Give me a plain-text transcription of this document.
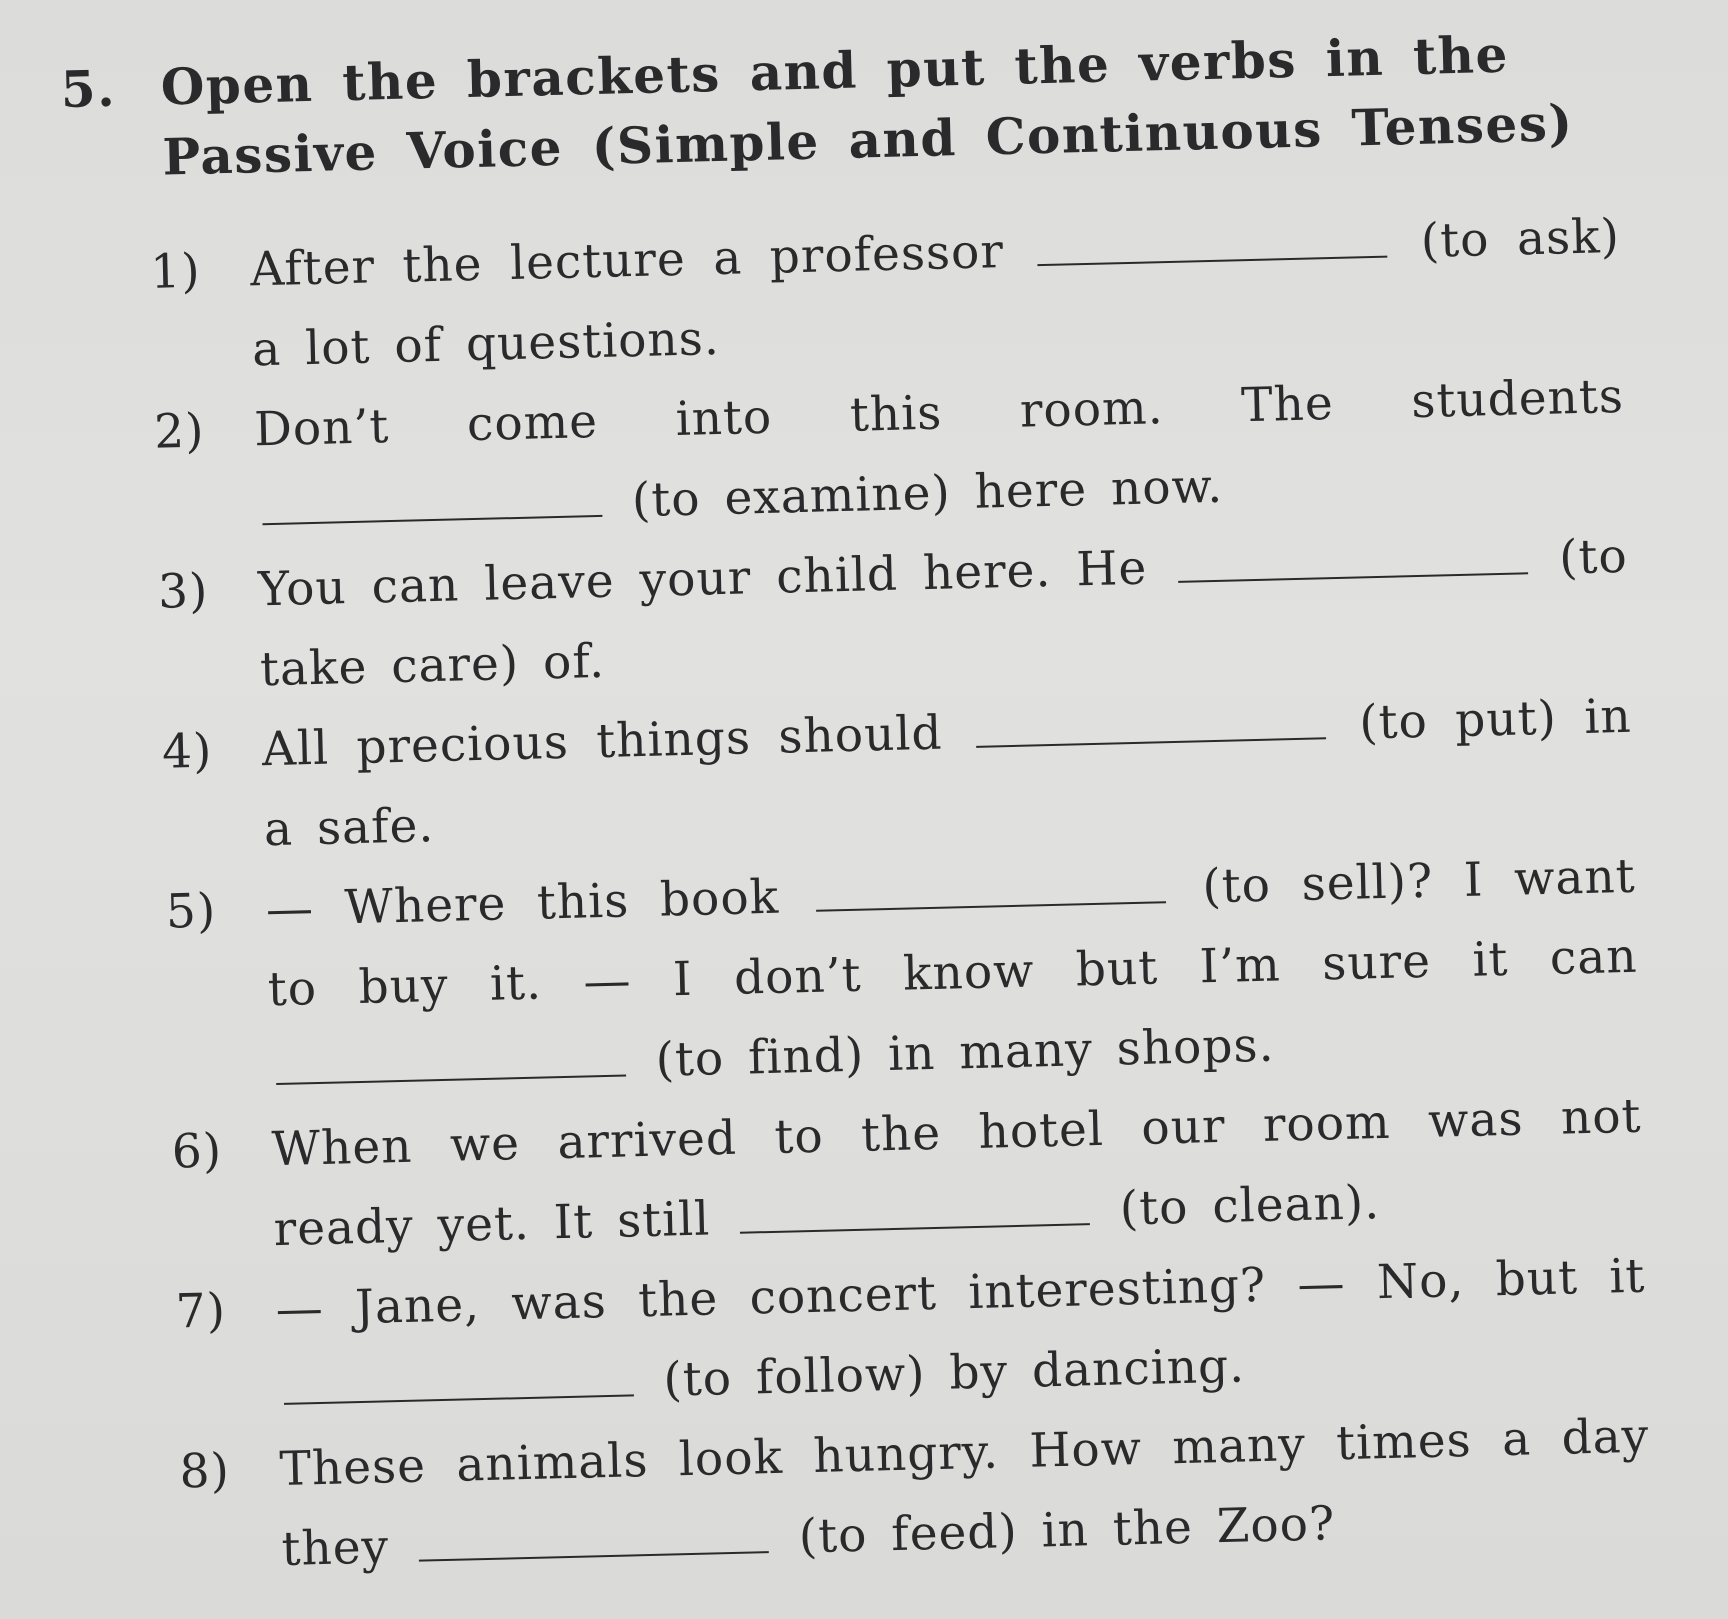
5. Open the brackets and put the verbs in the Passive Voice (Simple and Continuous Tenses)
1)	After the lecture a professor	(to ask) a lot of questions.
2)	Don’t come into this room. The students  (to examine) here now.
3)	You can leave your child here. He	(to take care) of.
4)	All precious things should	(to put) in a safe.
5)	— Where this book	(to sell)? I want to buy it. — I don’t know but I’m sure it can  (to find) in many shops.
6)	When we arrived to the hotel our room was not ready yet. It still	(to clean).
7)	— Jane, was the concert interesting? — No, but it  (to follow) by dancing.
8)	These animals look hungry. How many times a day they	(to feed) in the Zoo?
